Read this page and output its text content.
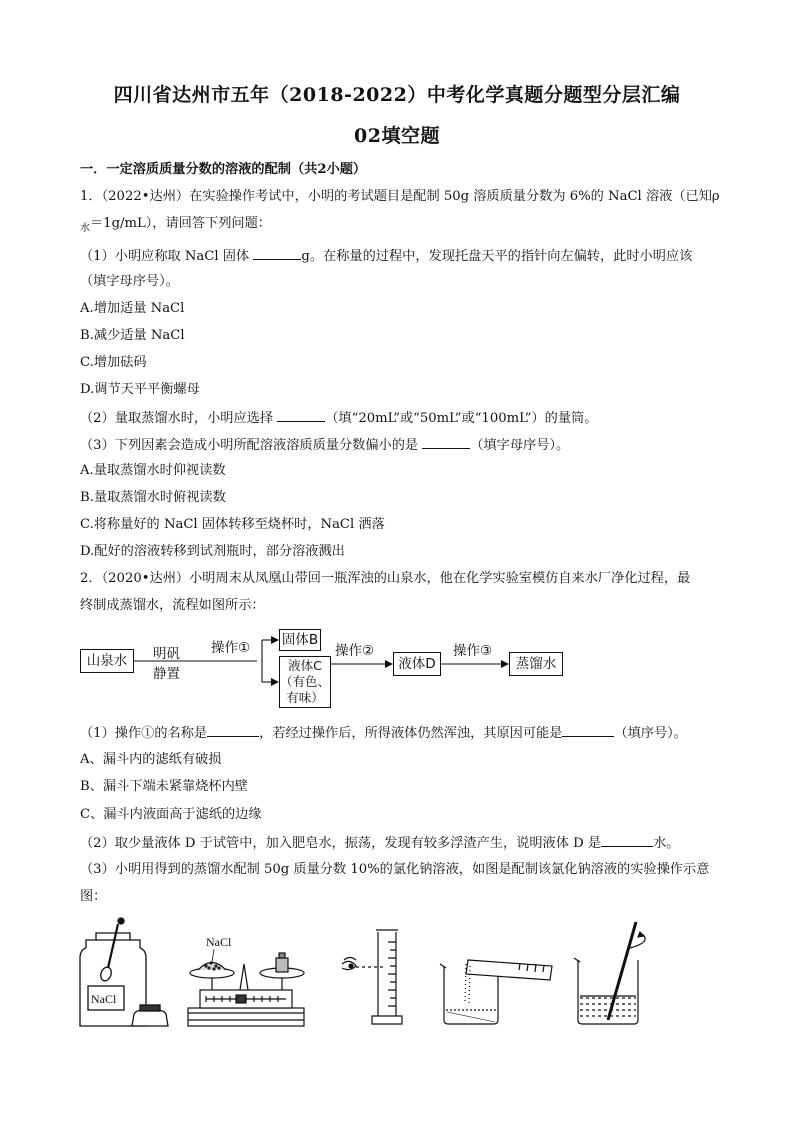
四川省达州市五年（2018-2022）中考化学真题分题型分层汇编
02填空题
一．一定溶质质量分数的溶液的配制（共2小题）
1．（2022•达州）在实验操作考试中，小明的考试题目是配制 50g 溶质质量分数为 6%的 NaCl 溶液（已知ρ
$_水$＝1g/mL），请回答下列问题：
（1）小明应称取 NaCl 固体	g。在称量的过程中，发现托盘天平的指针向左偏转，此时小明应该
（填字母序号）。
A.增加适量 NaCl
B.减少适量 NaCl
C.增加砝码
D.调节天平平衡螺母
（2）量取蒸馏水时，小明应选择	（填“20mL”或“50mL”或“100mL”）的量筒。
（3）下列因素会造成小明所配溶液溶质质量分数偏小的是	（填字母序号）。
A.量取蒸馏水时仰视读数
B.量取蒸馏水时俯视读数
C.将称量好的 NaCl 固体转移至烧杯时，NaCl 洒落
D.配好的溶液转移到试剂瓶时，部分溶液溅出
2．（2020•达州）小明周末从凤凰山带回一瓶浑浊的山泉水，他在化学实验室模仿自来水厂净化过程，最
终制成蒸馏水，流程如图所示：
山泉水	明矾
静置
操作① 固体B
液体C
（有色、
有味）
操作②
液体D
操作③
蒸馏水
（1）操作①的名称是	，若经过操作后，所得液体仍然浑浊，其原因可能是	（填序号）。
A、漏斗内的滤纸有破损
B、漏斗下端未紧靠烧杯内壁
C、漏斗内液面高于滤纸的边缘
（2）取少量液体 D 于试管中，加入肥皂水，振荡，发现有较多浮渣产生，说明液体 D 是	水。
（3）小明用得到的蒸馏水配制 50g 质量分数 10%的氯化钠溶液，如图是配制该氯化钠溶液的实验操作示意
图：
NaCl
NaCl
